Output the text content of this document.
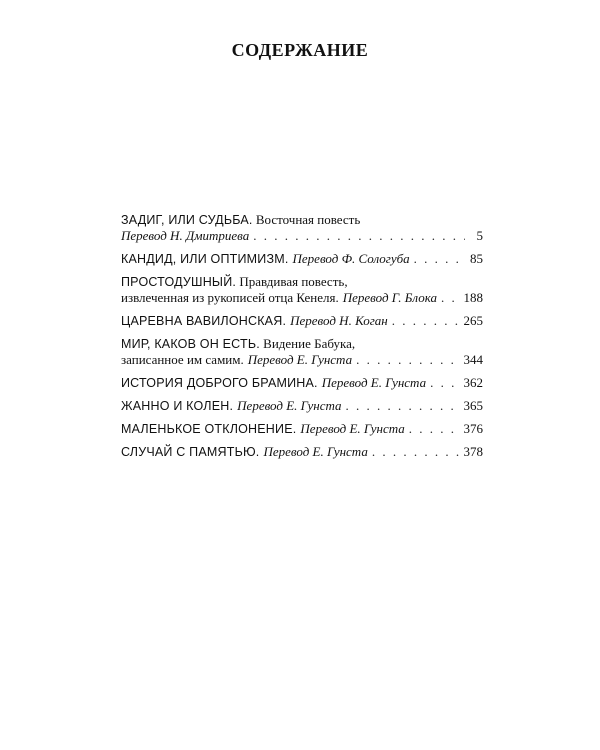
СОДЕРЖАНИЕ
ЗАДИГ, ИЛИ СУДЬБА.
Восточная повесть
Перевод Н. Дмитриева . . .	5
КАНДИД, ИЛИ ОПТИМИЗМ. Перевод Ф. Сологуба . . .	85
ПРОСТОДУШНЫЙ.
Правдивая повесть,
извлеченная из рукописей отца Кенеля. Перевод Г. Блока . . . 188
ЦАРЕВНА ВАВИЛОНСКАЯ. Перевод Н. Коган . . .	265
МИР, КАКОВ ОН ЕСТЬ.
Видение Бабука,
записанное им самим. Перевод Е. Гунста . . .	344
ИСТОРИЯ ДОБРОГО БРАМИНА. Перевод Е. Гунста . . .	362
ЖАННО И КОЛЕН. Перевод Е. Гунста . . .	365
МАЛЕНЬКОЕ ОТКЛОНЕНИЕ. Перевод Е. Гунста . . .	376
СЛУЧАЙ С ПАМЯТЬЮ. Перевод Е. Гунста . . .	378
